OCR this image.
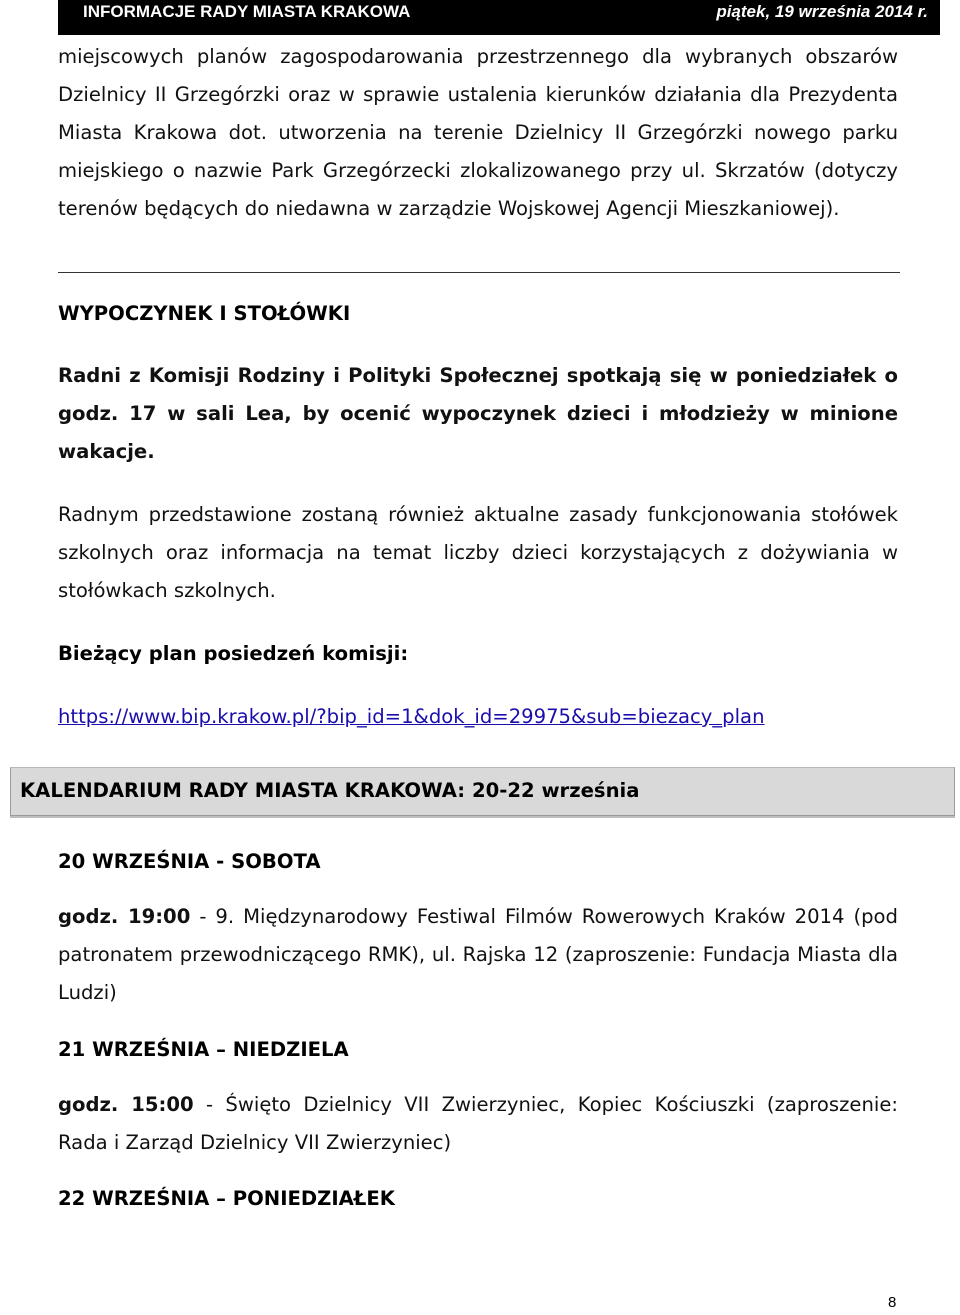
INFORMACJE RADY MIASTA KRAKOWA	piątek, 19 września 2014 r.
miejscowych planów zagospodarowania przestrzennego dla wybranych obszarów Dzielnicy II Grzegórzki oraz w sprawie ustalenia kierunków działania dla Prezydenta Miasta Krakowa dot. utworzenia na terenie Dzielnicy II Grzegórzki nowego parku miejskiego o nazwie Park Grzegórzecki zlokalizowanego przy ul. Skrzatów (dotyczy terenów będących do niedawna w zarządzie Wojskowej Agencji Mieszkaniowej).
WYPOCZYNEK I STOŁÓWKI
Radni z Komisji Rodziny i Polityki Społecznej spotkają się w poniedziałek o godz. 17 w sali Lea, by ocenić wypoczynek dzieci i młodzieży w minione wakacje.
Radnym przedstawione zostaną również aktualne zasady funkcjonowania stołówek szkolnych oraz informacja na temat liczby dzieci korzystających z dożywiania w stołówkach szkolnych.
Bieżący plan posiedzeń komisji:
https://www.bip.krakow.pl/?bip_id=1&dok_id=29975&sub=biezacy_plan
KALENDARIUM RADY MIASTA KRAKOWA: 20-22 września
20 WRZEŚNIA - SOBOTA
godz. 19:00 - 9. Międzynarodowy Festiwal Filmów Rowerowych Kraków 2014 (pod patronatem przewodniczącego RMK), ul. Rajska 12 (zaproszenie: Fundacja Miasta dla Ludzi)
21 WRZEŚNIA – NIEDZIELA
godz. 15:00 - Święto Dzielnicy VII Zwierzyniec, Kopiec Kościuszki (zaproszenie: Rada i Zarząd Dzielnicy VII Zwierzyniec)
22 WRZEŚNIA – PONIEDZIAŁEK
8
